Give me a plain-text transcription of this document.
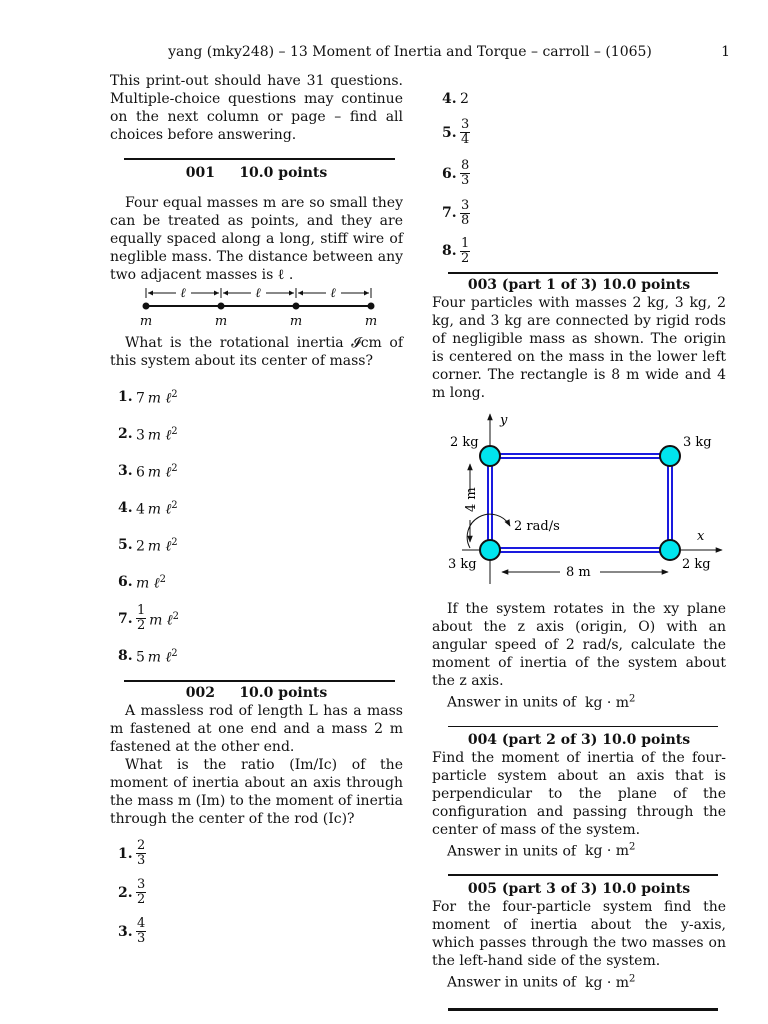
yang (mky248) – 13 Moment of Inertia and Torque – carroll – (1065)	1

This print-out should have 31 questions. Multiple-choice questions may continue on the next column or page – find all choices before answering.

001     10.0 points

Four equal masses m are so small they can be treated as points, and they are equally spaced along a long, stiff wire of neglible mass. The distance between any two adjacent masses is ℓ .

ℓ	ℓ	ℓ
m	m	m	m

What is the rotational inertia 𝓘cm of this system about its center of mass?

1. 7  m ℓ$^2$
2. 3  m ℓ$^2$
3. 6  m ℓ$^2$
4. 4  m ℓ$^2$
5. 2  m ℓ$^2$
6. m ℓ$^2$
7. $\frac{1}{2}$
  m ℓ$^2$
8. 5  m ℓ$^2$
002     10.0 points

A massless rod of length L has a mass m fastened at one end and a mass 2 m fastened at the other end.

What is the ratio (Im/Ic) of the moment of inertia about an axis through the mass m (Im) to the moment of inertia through the center of the rod (Ic)?

1. $\frac{2}{3}$
2. $\frac{3}{2}$
3. $\frac{4}{3}$
4. 2
5. $\frac{3}{4}$
6. $\frac{8}{3}$
7. $\frac{3}{8}$
8. $\frac{1}{2}$
003 (part 1 of 3) 10.0 points

Four particles with masses 2 kg, 3 kg, 2 kg, and 3 kg are connected by rigid rods of negligible mass as shown. The origin is centered on the mass in the lower left corner. The rectangle is 8 m wide and 4 m long.

y
x
2 kg	3 kg
3 kg	2 kg
4 m
8 m
2 rad/s

If the system rotates in the xy plane about the z axis (origin, O) with an angular speed of 2 rad/s, calculate the moment of inertia of the system about the z axis.

Answer in units of kg · $m^2$
004 (part 2 of 3) 10.0 points

Find the moment of inertia of the four-particle system about an axis that is perpendicular to the plane of the configuration and passing through the center of mass of the system.

Answer in units of kg · $m^2$
005 (part 3 of 3) 10.0 points

For the four-particle system find the moment of inertia about the y-axis, which passes through the two masses on the left-hand side of the system.

Answer in units of kg · $m^2$
